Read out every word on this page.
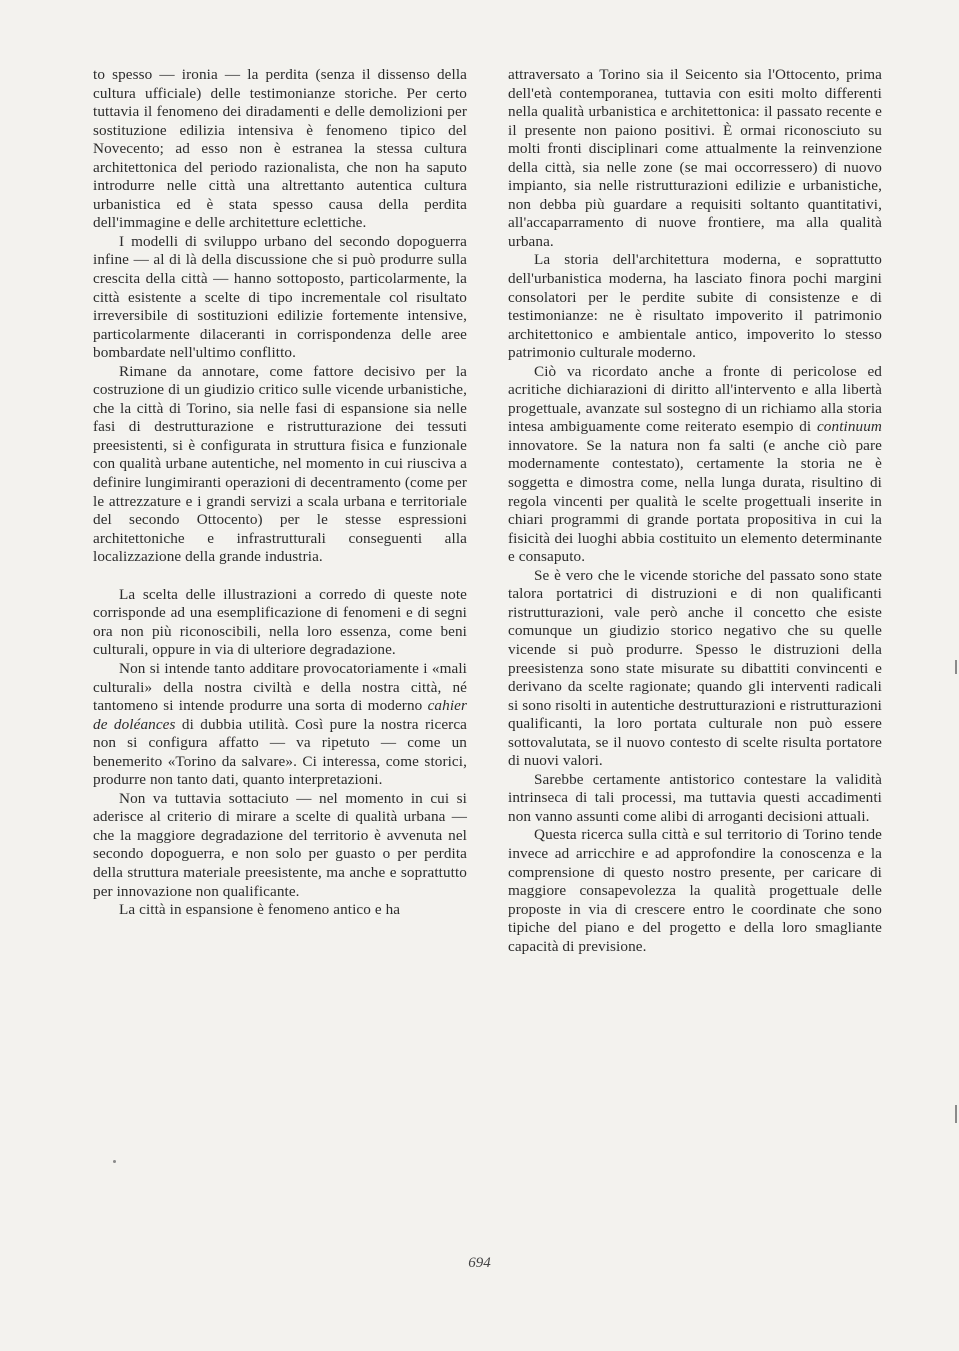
to spesso — ironia — la perdita (senza il dissenso della cultura ufficiale) delle testimonianze storiche. Per certo tuttavia il fenomeno dei diradamenti e delle demolizioni per sostituzione edilizia intensiva è fenomeno tipico del Novecento; ad esso non è estranea la stessa cultura architettonica del periodo razionalista, che non ha saputo introdurre nelle città una altrettanto autentica cultura urbanistica ed è stata spesso causa della perdita dell'immagine e delle architetture eclettiche.

I modelli di sviluppo urbano del secondo dopoguerra infine — al di là della discussione che si può produrre sulla crescita della città — hanno sottoposto, particolarmente, la città esistente a scelte di tipo incrementale col risultato irreversibile di sostituzioni edilizie fortemente intensive, particolarmente dilaceranti in corrispondenza delle aree bombardate nell'ultimo conflitto.

Rimane da annotare, come fattore decisivo per la costruzione di un giudizio critico sulle vicende urbanistiche, che la città di Torino, sia nelle fasi di espansione sia nelle fasi di destrutturazione e ristrutturazione dei tessuti preesistenti, si è configurata in struttura fisica e funzionale con qualità urbane autentiche, nel momento in cui riusciva a definire lungimiranti operazioni di decentramento (come per le attrezzature e i grandi servizi a scala urbana e territoriale del secondo Ottocento) per le stesse espressioni architettoniche e infrastrutturali conseguenti alla localizzazione della grande industria.

La scelta delle illustrazioni a corredo di queste note corrisponde ad una esemplificazione di fenomeni e di segni ora non più riconoscibili, nella loro essenza, come beni culturali, oppure in via di ulteriore degradazione.

Non si intende tanto additare provocatoriamente i «mali culturali» della nostra civiltà e della nostra città, né tantomeno si intende produrre una sorta di moderno cahier de doléances di dubbia utilità. Così pure la nostra ricerca non si configura affatto — va ripetuto — come un benemerito «Torino da salvare». Ci interessa, come storici, produrre non tanto dati, quanto interpretazioni.

Non va tuttavia sottaciuto — nel momento in cui si aderisce al criterio di mirare a scelte di qualità urbana — che la maggiore degradazione del territorio è avvenuta nel secondo dopoguerra, e non solo per guasto o per perdita della struttura materiale preesistente, ma anche e soprattutto per innovazione non qualificante.

La città in espansione è fenomeno antico e ha

attraversato a Torino sia il Seicento sia l'Ottocento, prima dell'età contemporanea, tuttavia con esiti molto differenti nella qualità urbanistica e architettonica: il passato recente e il presente non paiono positivi. È ormai riconosciuto su molti fronti disciplinari come attualmente la reinvenzione della città, sia nelle zone (se mai occorressero) di nuovo impianto, sia nelle ristrutturazioni edilizie e urbanistiche, non debba più guardare a requisiti soltanto quantitativi, all'accaparramento di nuove frontiere, ma alla qualità urbana.

La storia dell'architettura moderna, e soprattutto dell'urbanistica moderna, ha lasciato finora pochi margini consolatori per le perdite subite di consistenze e di testimonianze: ne è risultato impoverito il patrimonio architettonico e ambientale antico, impoverito lo stesso patrimonio culturale moderno.

Ciò va ricordato anche a fronte di pericolose ed acritiche dichiarazioni di diritto all'intervento e alla libertà progettuale, avanzate sul sostegno di un richiamo alla storia intesa ambiguamente come reiterato esempio di continuum innovatore. Se la natura non fa salti (e anche ciò pare modernamente contestato), certamente la storia ne è soggetta e dimostra come, nella lunga durata, risultino di regola vincenti per qualità le scelte progettuali inserite in chiari programmi di grande portata propositiva in cui la fisicità dei luoghi abbia costituito un elemento determinante e consaputo.

Se è vero che le vicende storiche del passato sono state talora portatrici di distruzioni e di non qualificanti ristrutturazioni, vale però anche il concetto che esiste comunque un giudizio storico negativo che su quelle vicende si può produrre. Spesso le distruzioni della preesistenza sono state misurate su dibattiti convincenti e derivano da scelte ragionate; quando gli interventi radicali si sono risolti in autentiche destrutturazioni e ristrutturazioni qualificanti, la loro portata culturale non può essere sottovalutata, se il nuovo contesto di scelte risulta portatore di nuovi valori.

Sarebbe certamente antistorico contestare la validità intrinseca di tali processi, ma tuttavia questi accadimenti non vanno assunti come alibi di arroganti decisioni attuali.

Questa ricerca sulla città e sul territorio di Torino tende invece ad arricchire e ad approfondire la conoscenza e la comprensione di questo nostro presente, per caricare di maggiore consapevolezza la qualità progettuale delle proposte in via di crescere entro le coordinate che sono tipiche del piano e del progetto e della loro smagliante capacità di previsione.

694
